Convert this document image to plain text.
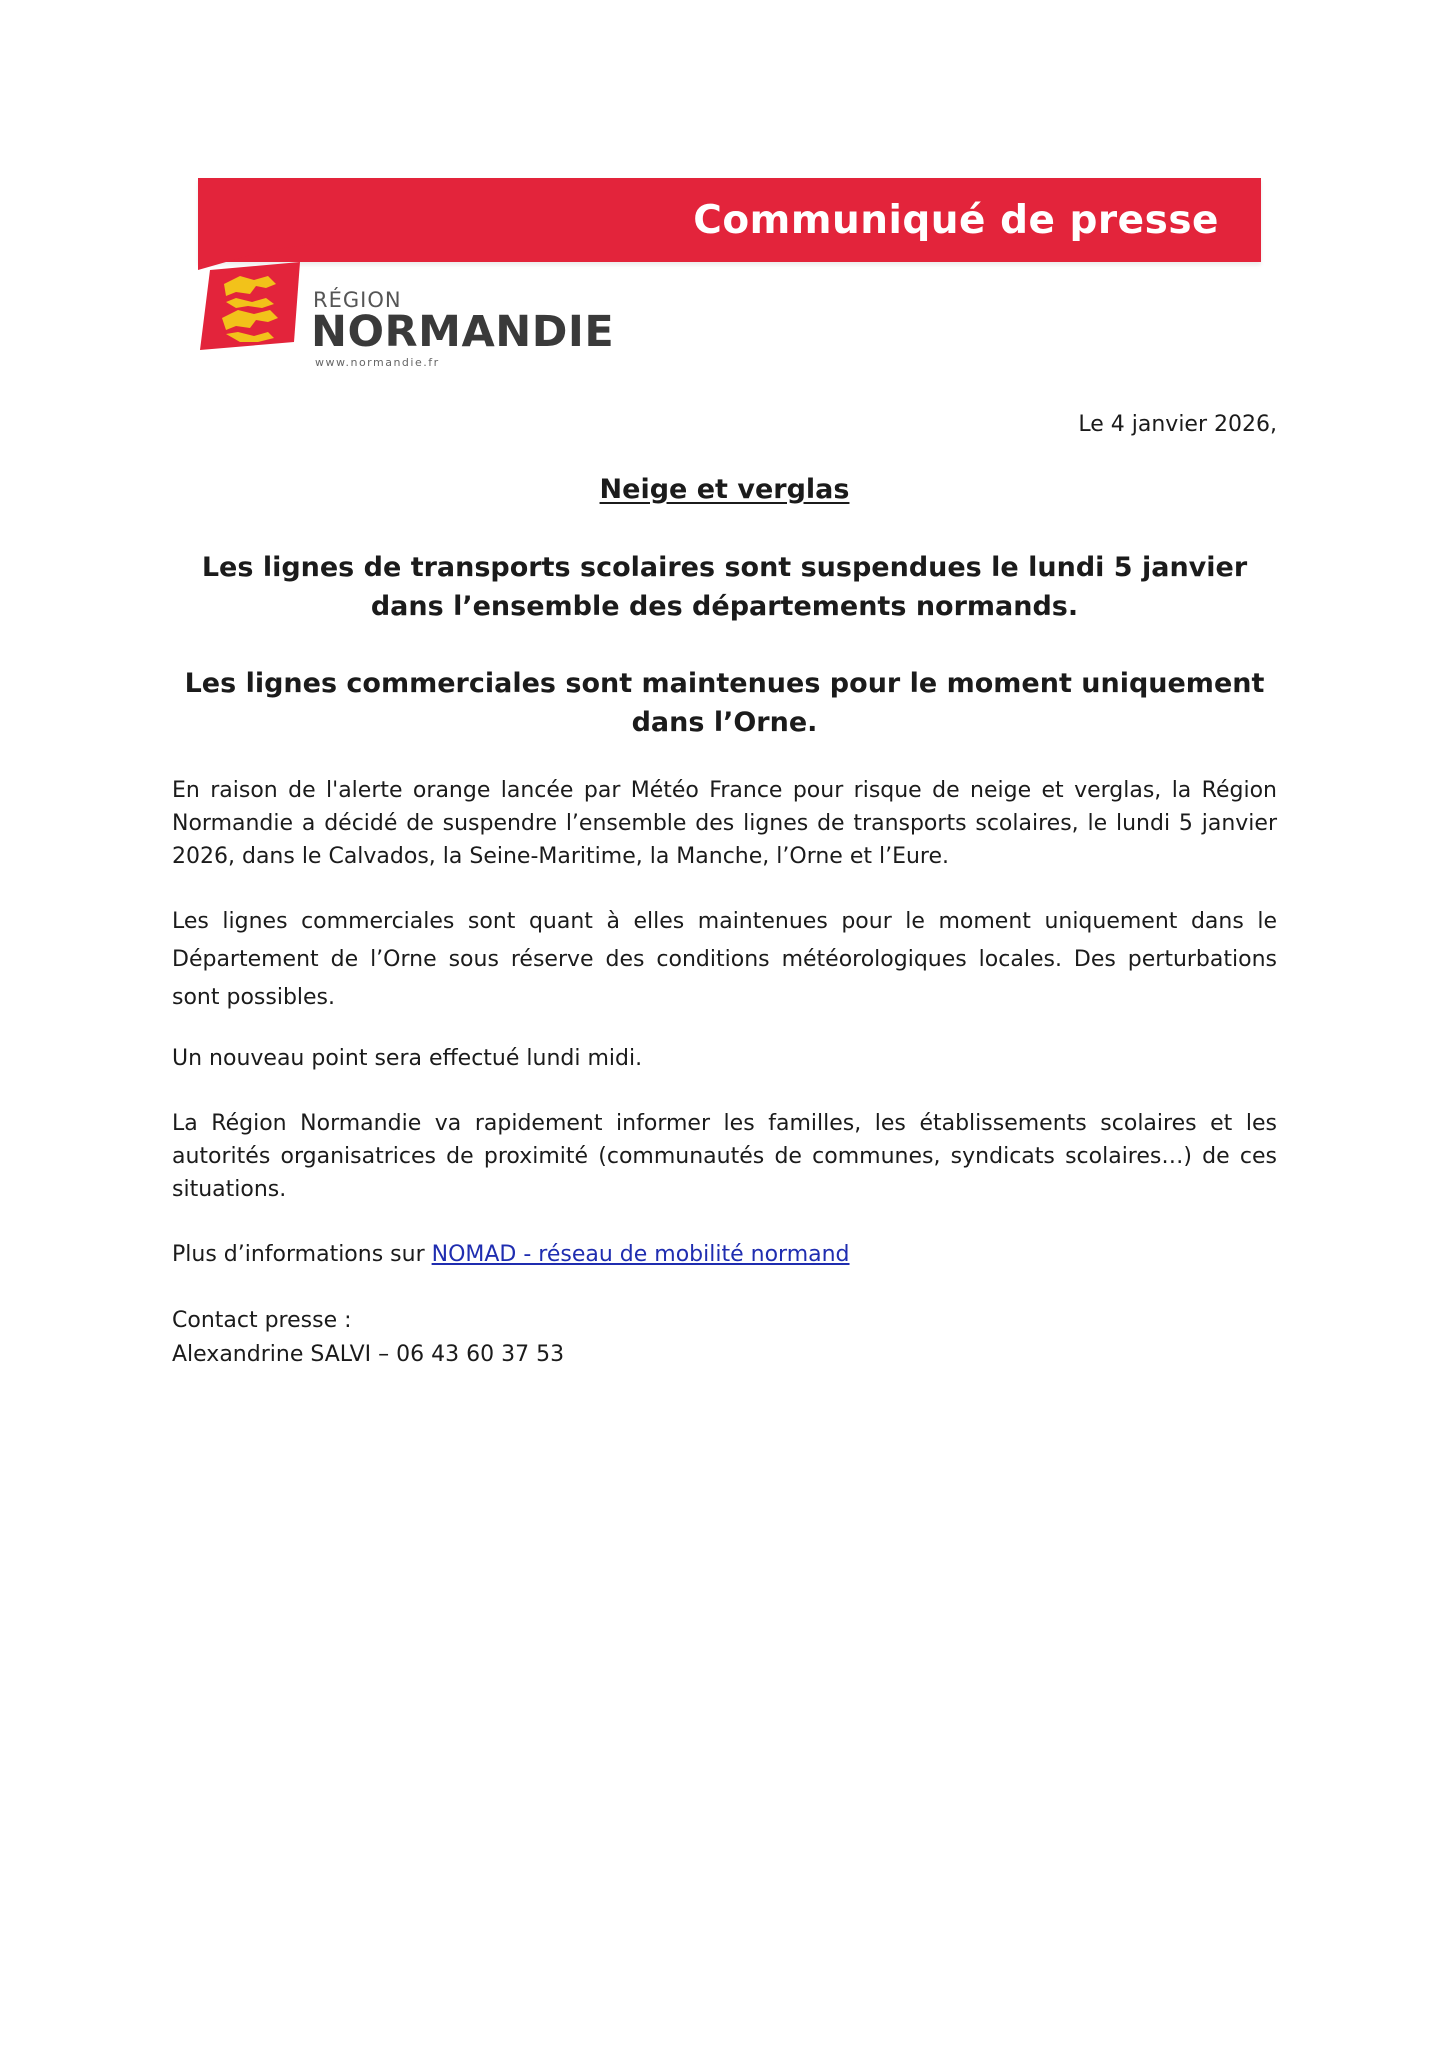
Communiqué de presse
RÉGION
NORMANDIE
www.normandie.fr
Le 4 janvier 2026,
Neige et verglas
Les lignes de transports scolaires sont suspendues le lundi 5 janvier dans l’ensemble des départements normands.
Les lignes commerciales sont maintenues pour le moment uniquement dans l’Orne.
En raison de l'alerte orange lancée par Météo France pour risque de neige et verglas, la Région Normandie a décidé de suspendre l’ensemble des lignes de transports scolaires, le lundi 5 janvier 2026, dans le Calvados, la Seine-Maritime, la Manche, l’Orne et l’Eure.
Les lignes commerciales sont quant à elles maintenues pour le moment uniquement dans le Département de l’Orne sous réserve des conditions météorologiques locales. Des perturbations sont possibles.
Un nouveau point sera effectué lundi midi.
La Région Normandie va rapidement informer les familles, les établissements scolaires et les autorités organisatrices de proximité (communautés de communes, syndicats scolaires…) de ces situations.
Plus d’informations sur NOMAD - réseau de mobilité normand
Contact presse :
Alexandrine SALVI – 06 43 60 37 53
